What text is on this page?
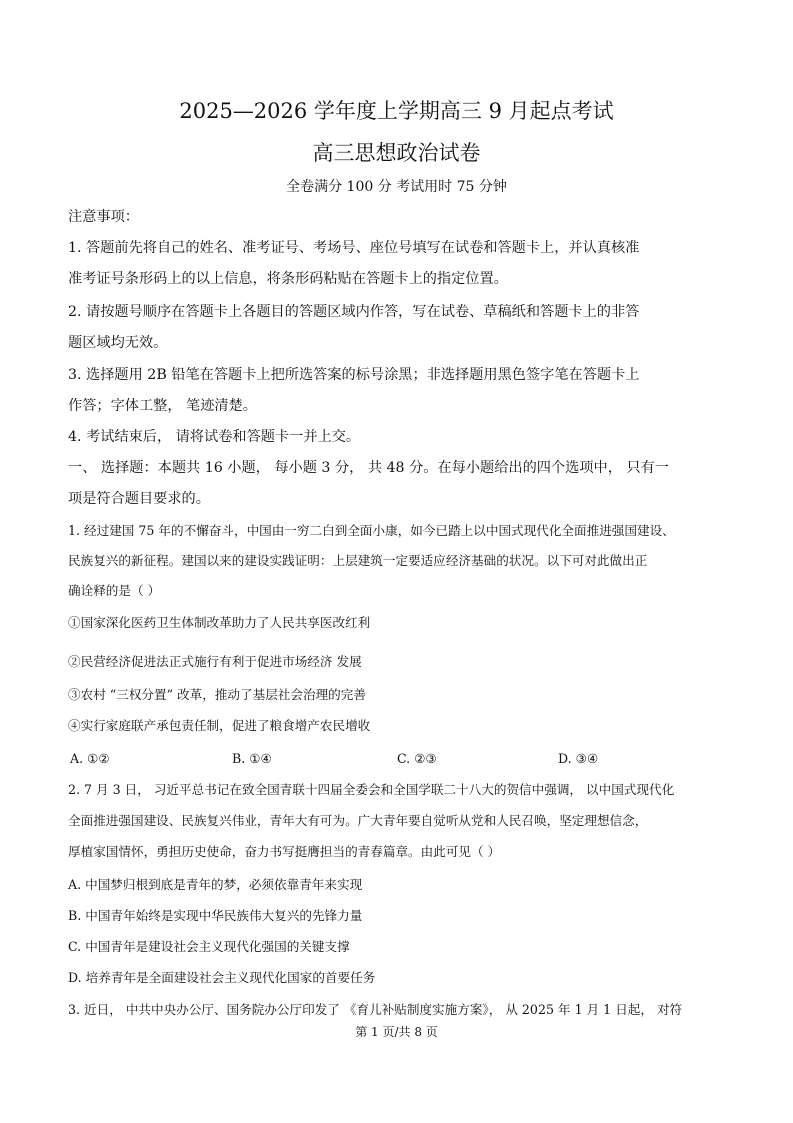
2025—2026 学年度上学期高三 9 月起点考试
高三思想政治试卷
全卷满分 100 分 考试用时 75 分钟
注意事项：
1. 答题前先将自己的姓名、准考证号、考场号、座位号填写在试卷和答题卡上，并认真核准
准考证号条形码上的以上信息，将条形码粘贴在答题卡上的指定位置。
2. 请按题号顺序在答题卡上各题目的答题区域内作答，写在试卷、草稿纸和答题卡上的非答
题区域均无效。
3. 选择题用 2B 铅笔在答题卡上把所选答案的标号涂黑；非选择题用黑色签字笔在答题卡上
作答；字体工整， 笔迹清楚。
4. 考试结束后， 请将试卷和答题卡一并上交。
一、 选择题：本题共 16 小题， 每小题 3 分， 共 48 分。在每小题给出的四个选项中， 只有一
项是符合题目要求的。
1. 经过建国 75 年的不懈奋斗，中国由一穷二白到全面小康，如今已踏上以中国式现代化全面推进强国建设、
民族复兴的新征程。建国以来的建设实践证明：上层建筑一定要适应经济基础的状况。以下可对此做出正
确诠释的是（ ）
①国家深化医药卫生体制改革助力了人民共享医改红利
②民营经济促进法正式施行有利于促进市场经济 发展
③农村 “三权分置” 改革，推动了基层社会治理的完善
④实行家庭联产承包责任制，促进了粮食增产农民增收
A. ①②	B. ①④	C. ②③	D. ③④
2. 7 月 3 日， 习近平总书记在致全国青联十四届全委会和全国学联二十八大的贺信中强调， 以中国式现代化
全面推进强国建设、民族复兴伟业，青年大有可为。广大青年要自觉听从党和人民召唤，坚定理想信念，
厚植家国情怀，勇担历史使命，奋力书写挺膺担当的青春篇章。由此可见（ ）
A. 中国梦归根到底是青年的梦，必须依靠青年来实现
B. 中国青年始终是实现中华民族伟大复兴的先锋力量
C. 中国青年是建设社会主义现代化强国的关键支撑
D. 培养青年是全面建设社会主义现代化国家的首要任务
3. 近日， 中共中央办公厅、国务院办公厅印发了 《育儿补贴制度实施方案》， 从 2025 年 1 月 1 日起， 对符
第 1 页/共 8 页
